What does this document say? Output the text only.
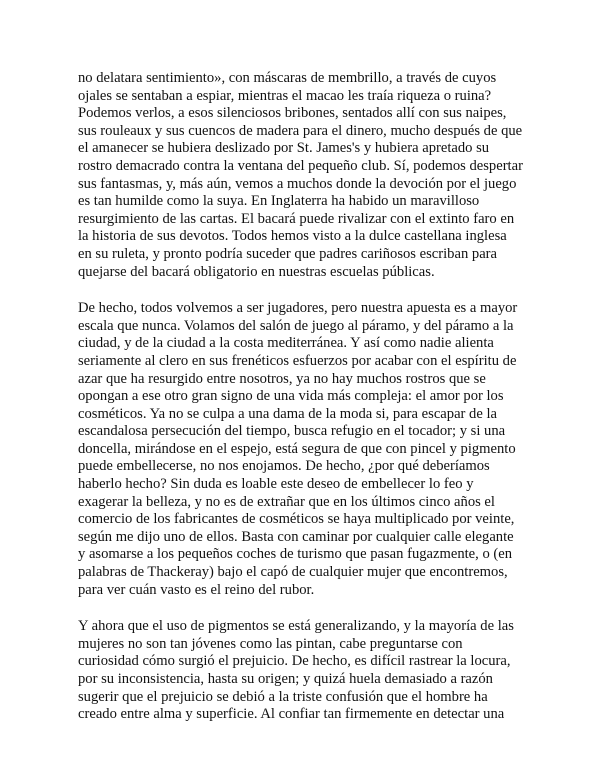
no delatara sentimiento», con máscaras de membrillo, a través de cuyos
ojales se sentaban a espiar, mientras el macao les traía riqueza o ruina?
Podemos verlos, a esos silenciosos bribones, sentados allí con sus naipes,
sus rouleaux y sus cuencos de madera para el dinero, mucho después de que
el amanecer se hubiera deslizado por St. James's y hubiera apretado su
rostro demacrado contra la ventana del pequeño club. Sí, podemos despertar
sus fantasmas, y, más aún, vemos a muchos donde la devoción por el juego
es tan humilde como la suya. En Inglaterra ha habido un maravilloso
resurgimiento de las cartas. El bacará puede rivalizar con el extinto faro en
la historia de sus devotos. Todos hemos visto a la dulce castellana inglesa
en su ruleta, y pronto podría suceder que padres cariñosos escriban para
quejarse del bacará obligatorio en nuestras escuelas públicas.

De hecho, todos volvemos a ser jugadores, pero nuestra apuesta es a mayor
escala que nunca. Volamos del salón de juego al páramo, y del páramo a la
ciudad, y de la ciudad a la costa mediterránea. Y así como nadie alienta
seriamente al clero en sus frenéticos esfuerzos por acabar con el espíritu de
azar que ha resurgido entre nosotros, ya no hay muchos rostros que se
opongan a ese otro gran signo de una vida más compleja: el amor por los
cosméticos. Ya no se culpa a una dama de la moda si, para escapar de la
escandalosa persecución del tiempo, busca refugio en el tocador; y si una
doncella, mirándose en el espejo, está segura de que con pincel y pigmento
puede embellecerse, no nos enojamos. De hecho, ¿por qué deberíamos
haberlo hecho? Sin duda es loable este deseo de embellecer lo feo y
exagerar la belleza, y no es de extrañar que en los últimos cinco años el
comercio de los fabricantes de cosméticos se haya multiplicado por veinte,
según me dijo uno de ellos. Basta con caminar por cualquier calle elegante
y asomarse a los pequeños coches de turismo que pasan fugazmente, o (en
palabras de Thackeray) bajo el capó de cualquier mujer que encontremos,
para ver cuán vasto es el reino del rubor.

Y ahora que el uso de pigmentos se está generalizando, y la mayoría de las
mujeres no son tan jóvenes como las pintan, cabe preguntarse con
curiosidad cómo surgió el prejuicio. De hecho, es difícil rastrear la locura,
por su inconsistencia, hasta su origen; y quizá huela demasiado a razón
sugerir que el prejuicio se debió a la triste confusión que el hombre ha
creado entre alma y superficie. Al confiar tan firmemente en detectar una
